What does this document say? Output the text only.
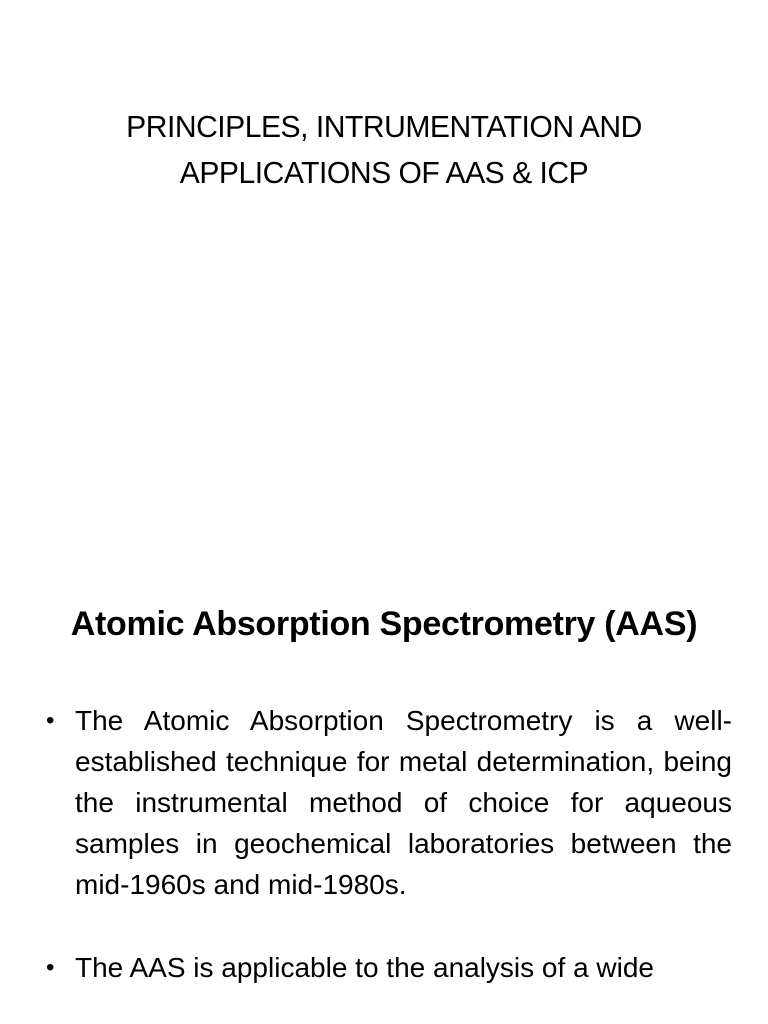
PRINCIPLES, INTRUMENTATION AND APPLICATIONS OF AAS & ICP
Atomic Absorption Spectrometry (AAS)
• The Atomic Absorption Spectrometry is a well-established technique for metal determination, being the instrumental method of choice for aqueous samples in geochemical laboratories between the mid-1960s and mid-1980s.
• The AAS is applicable to the analysis of a wide
